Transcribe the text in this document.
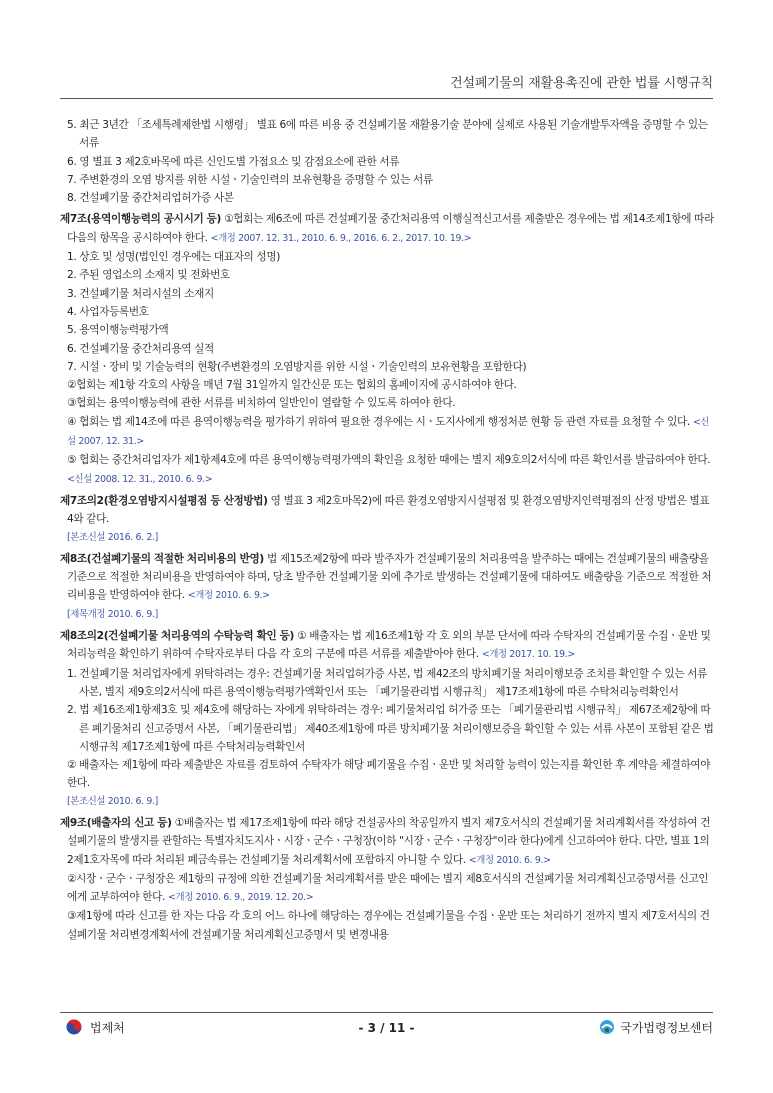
건설폐기물의 재활용촉진에 관한 법률 시행규칙
5. 최근 3년간 「조세특례제한법 시행령」 별표 6에 따른 비용 중 건설폐기물 재활용기술 분야에 실제로 사용된 기술개발투자액을 증명할 수 있는 서류
6. 영 별표 3 제2호바목에 따른 신인도별 가점요소 및 감점요소에 관한 서류
7. 주변환경의 오염 방지를 위한 시설ㆍ기술인력의 보유현황을 증명할 수 있는 서류
8. 건설폐기물 중간처리업허가증 사본
제7조(용역이행능력의 공시시기 등) ①협회는 제6조에 따른 건설폐기물 중간처리용역 이행실적신고서를 제출받은 경우에는 법 제14조제1항에 따라 다음의 항목을 공시하여야 한다. <개정 2007. 12. 31., 2010. 6. 9., 2016. 6. 2., 2017. 10. 19.>
1. 상호 및 성명(법인인 경우에는 대표자의 성명)
2. 주된 영업소의 소재지 및 전화번호
3. 건설폐기물 처리시설의 소재지
4. 사업자등록번호
5. 용역이행능력평가액
6. 건설폐기물 중간처리용역 실적
7. 시설ㆍ장비 및 기술능력의 현황(주변환경의 오염방지를 위한 시설ㆍ기술인력의 보유현황을 포함한다)
②협회는 제1항 각호의 사항을 매년 7월 31일까지 일간신문 또는 협회의 홈페이지에 공시하여야 한다.
③협회는 용역이행능력에 관한 서류를 비치하여 일반인이 열람할 수 있도록 하여야 한다.
④ 협회는 법 제14조에 따른 용역이행능력을 평가하기 위하여 필요한 경우에는 시ㆍ도지사에게 행정처분 현황 등 관련 자료를 요청할 수 있다. <신설 2007. 12. 31.>
⑤ 협회는 중간처리업자가 제1항제4호에 따른 용역이행능력평가액의 확인을 요청한 때에는 별지 제9호의2서식에 따른 확인서를 발급하여야 한다. <신설 2008. 12. 31., 2010. 6. 9.>
제7조의2(환경오염방지시설평점 등 산정방법) 영 별표 3 제2호마목2)에 따른 환경오염방지시설평점 및 환경오염방지인력평점의 산정 방법은 별표 4와 같다.
[본조신설 2016. 6. 2.]
제8조(건설폐기물의 적절한 처리비용의 반영) 법 제15조제2항에 따라 발주자가 건설폐기물의 처리용역을 발주하는 때에는 건설폐기물의 배출량을 기준으로 적절한 처리비용을 반영하여야 하며, 당초 발주한 건설폐기물 외에 추가로 발생하는 건설폐기물에 대하여도 배출량을 기준으로 적절한 처리비용을 반영하여야 한다. <개정 2010. 6. 9.>
[제목개정 2010. 6. 9.]
제8조의2(건설폐기물 처리용역의 수탁능력 확인 등) ① 배출자는 법 제16조제1항 각 호 외의 부분 단서에 따라 수탁자의 건설폐기물 수집ㆍ운반 및 처리능력을 확인하기 위하여 수탁자로부터 다음 각 호의 구분에 따른 서류를 제출받아야 한다. <개정 2017. 10. 19.>
1. 건설폐기물 처리업자에게 위탁하려는 경우: 건설폐기물 처리업허가증 사본, 법 제42조의 방치폐기물 처리이행보증 조치를 확인할 수 있는 서류 사본, 별지 제9호의2서식에 따른 용역이행능력평가액확인서 또는 「폐기물관리법 시행규칙」 제17조제1항에 따른 수탁처리능력확인서
2. 법 제16조제1항제3호 및 제4호에 해당하는 자에게 위탁하려는 경우: 폐기물처리업 허가증 또는 「폐기물관리법 시행규칙」 제67조제2항에 따른 폐기물처리 신고증명서 사본, 「폐기물관리법」 제40조제1항에 따른 방치폐기물 처리이행보증을 확인할 수 있는 서류 사본이 포함된 같은 법 시행규칙 제17조제1항에 따른 수탁처리능력확인서
② 배출자는 제1항에 따라 제출받은 자료를 검토하여 수탁자가 해당 폐기물을 수집ㆍ운반 및 처리할 능력이 있는지를 확인한 후 계약을 체결하여야 한다.
[본조신설 2010. 6. 9.]
제9조(배출자의 신고 등) ①배출자는 법 제17조제1항에 따라 해당 건설공사의 착공일까지 별지 제7호서식의 건설폐기물 처리계획서를 작성하여 건설폐기물의 발생지를 관할하는 특별자치도지사ㆍ시장ㆍ군수ㆍ구청장(이하 "시장ㆍ군수ㆍ구청장"이라 한다)에게 신고하여야 한다. 다만, 별표 1의2제1호자목에 따라 처리된 폐금속류는 건설폐기물 처리계획서에 포함하지 아니할 수 있다. <개정 2010. 6. 9.>
②시장ㆍ군수ㆍ구청장은 제1항의 규정에 의한 건설폐기물 처리계획서를 받은 때에는 별지 제8호서식의 건설폐기물 처리계획신고증명서를 신고인에게 교부하여야 한다. <개정 2010. 6. 9., 2019. 12. 20.>
③제1항에 따라 신고를 한 자는 다음 각 호의 어느 하나에 해당하는 경우에는 건설폐기물을 수집ㆍ운반 또는 처리하기 전까지 별지 제7호서식의 건설폐기물 처리변경계획서에 건설폐기물 처리계획신고증명서 및 변경내용
법제처	- 3 / 11 -	국가법령정보센터
